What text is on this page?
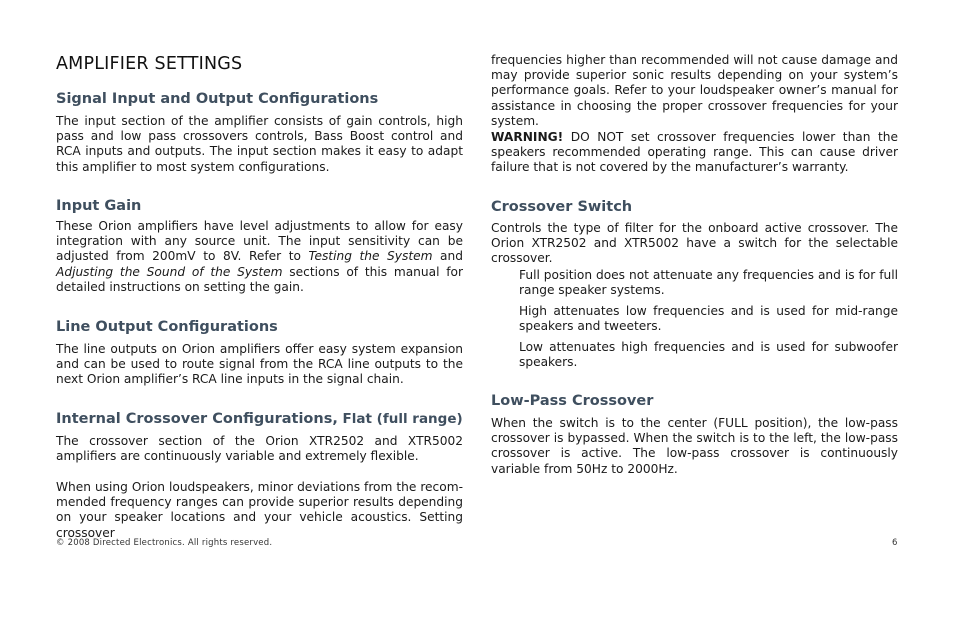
AMPLIFIER SETTINGS
Signal Input and Output Configurations

The input section of the amplifier consists of gain controls, high pass and low pass crossovers controls, Bass Boost control and RCA inputs and outputs. The input section makes it easy to adapt this amplifier to most system configurations.

Input Gain

These Orion amplifiers have level adjustments to allow for easy integration with any source unit. The input sensitivity can be adjusted from 200mV to 8V. Refer to Testing the System and Adjusting the Sound of the System sections of this manual for detailed instructions on setting the gain.

Line Output Configurations

The line outputs on Orion amplifiers offer easy system expansion and can be used to route signal from the RCA line outputs to the next Orion amplifier’s RCA line inputs in the signal chain.

Internal Crossover Configurations, Flat (full range)

The crossover section of the Orion XTR2502 and XTR5002 amplifiers are continuously variable and extremely flexible.

When using Orion loudspeakers, minor deviations from the recommended frequency ranges can provide superior results depending on your speaker locations and your vehicle acoustics. Setting crossover

frequencies higher than recommended will not cause damage and may provide superior sonic results depending on your system’s performance goals. Refer to your loudspeaker owner’s manual for assistance in choosing the proper crossover frequencies for your system.

WARNING! DO NOT set crossover frequencies lower than the speakers recommended operating range. This can cause driver failure that is not covered by the manufacturer’s warranty.

Crossover Switch

Controls the type of filter for the onboard active crossover. The Orion XTR2502 and XTR5002 have a switch for the selectable crossover.

Full position does not attenuate any frequencies and is for full range speaker systems.

High attenuates low frequencies and is used for mid-range speakers and tweeters.

Low attenuates high frequencies and is used for subwoofer speakers.

Low-Pass Crossover

When the switch is to the center (FULL position), the low-pass crossover is bypassed. When the switch is to the left, the low-pass crossover is active. The low-pass crossover is continuously variable from 50Hz to 2000Hz.

© 2008 Directed Electronics. All rights reserved.	6
